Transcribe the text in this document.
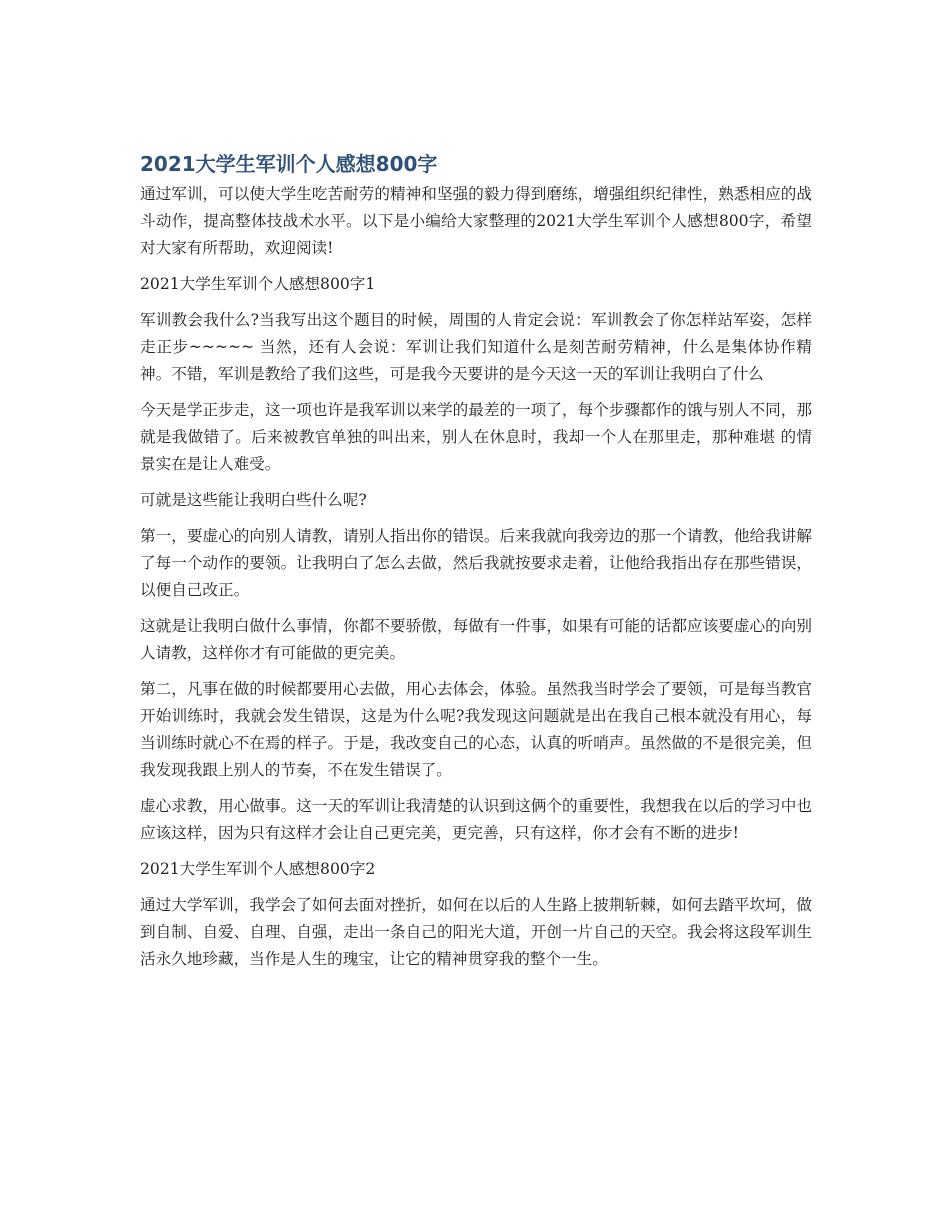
2021大学生军训个人感想800字

通过军训，可以使大学生吃苦耐劳的精神和坚强的毅力得到磨练，增强组织纪律性，熟悉相应的战斗动作，提高整体技战术水平。以下是小编给大家整理的2021大学生军训个人感想800字，希望对大家有所帮助，欢迎阅读!

2021大学生军训个人感想800字1

军训教会我什么?当我写出这个题目的时候，周围的人肯定会说：军训教会了你怎样站军姿，怎样走正步~~~~~ 当然，还有人会说：军训让我们知道什么是刻苦耐劳精神，什么是集体协作精神。不错，军训是教给了我们这些，可是我今天要讲的是今天这一天的军训让我明白了什么

今天是学正步走，这一项也许是我军训以来学的最差的一项了，每个步骤都作的饿与别人不同，那就是我做错了。后来被教官单独的叫出来，别人在休息时，我却一个人在那里走，那种难堪 的情景实在是让人难受。

可就是这些能让我明白些什么呢?

第一，要虚心的向别人请教，请别人指出你的错误。后来我就向我旁边的那一个请教，他给我讲解了每一个动作的要领。让我明白了怎么去做，然后我就按要求走着，让他给我指出存在那些错误，以便自己改正。

这就是让我明白做什么事情，你都不要骄傲，每做有一件事，如果有可能的话都应该要虚心的向别人请教，这样你才有可能做的更完美。

第二，凡事在做的时候都要用心去做，用心去体会，体验。虽然我当时学会了要领，可是每当教官开始训练时，我就会发生错误，这是为什么呢?我发现这问题就是出在我自己根本就没有用心，每当训练时就心不在焉的样子。于是，我改变自己的心态，认真的听哨声。虽然做的不是很完美，但我发现我跟上别人的节奏，不在发生错误了。

虚心求教，用心做事。这一天的军训让我清楚的认识到这俩个的重要性，我想我在以后的学习中也应该这样，因为只有这样才会让自己更完美，更完善，只有这样，你才会有不断的进步!

2021大学生军训个人感想800字2

通过大学军训，我学会了如何去面对挫折，如何在以后的人生路上披荆斩棘，如何去踏平坎坷，做到自制、自爱、自理、自强，走出一条自己的阳光大道，开创一片自己的天空。我会将这段军训生活永久地珍藏，当作是人生的瑰宝，让它的精神贯穿我的整个一生。
